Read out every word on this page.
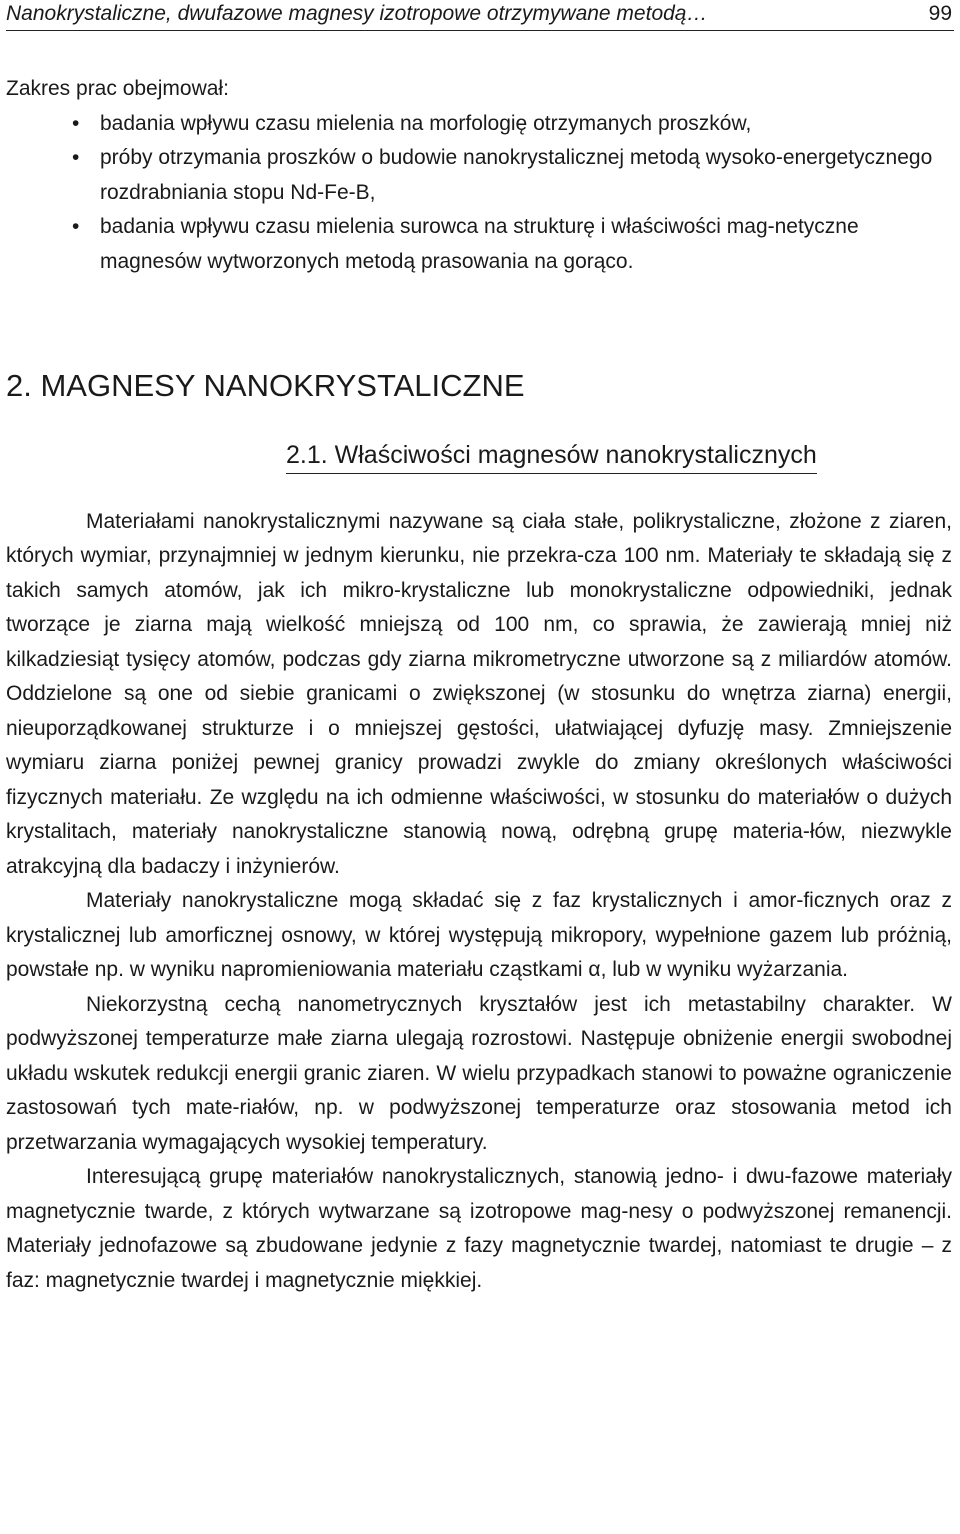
Nanokrystaliczne, dwufazowe magnesy izotropowe otrzymywane metodą…	99

Zakres prac obejmował:

• badania wpływu czasu mielenia na morfologię otrzymanych proszków,
• próby otrzymania proszków o budowie nanokrystalicznej metodą wysoko-energetycznego rozdrabniania stopu Nd-Fe-B,
• badania wpływu czasu mielenia surowca na strukturę i właściwości mag-netyczne magnesów wytworzonych metodą prasowania na gorąco.
2. MAGNESY NANOKRYSTALICZNE
2.1. Właściwości magnesów nanokrystalicznych

Materiałami nanokrystalicznymi nazywane są ciała stałe, polikrystaliczne, złożone z ziaren, których wymiar, przynajmniej w jednym kierunku, nie przekra-cza 100 nm. Materiały te składają się z takich samych atomów, jak ich mikro-krystaliczne lub monokrystaliczne odpowiedniki, jednak tworzące je ziarna mają wielkość mniejszą od 100 nm, co sprawia, że zawierają mniej niż kilkadziesiąt tysięcy atomów, podczas gdy ziarna mikrometryczne utworzone są z miliardów atomów. Oddzielone są one od siebie granicami o zwiększonej (w stosunku do wnętrza ziarna) energii, nieuporządkowanej strukturze i o mniejszej gęstości, ułatwiającej dyfuzję masy. Zmniejszenie wymiaru ziarna poniżej pewnej granicy prowadzi zwykle do zmiany określonych właściwości fizycznych materiału. Ze względu na ich odmienne właściwości, w stosunku do materiałów o dużych krystalitach, materiały nanokrystaliczne stanowią nową, odrębną grupę materia-łów, niezwykle atrakcyjną dla badaczy i inżynierów.

Materiały nanokrystaliczne mogą składać się z faz krystalicznych i amor-ficznych oraz z krystalicznej lub amorficznej osnowy, w której występują mikropory, wypełnione gazem lub próżnią, powstałe np. w wyniku napromieniowania materiału cząstkami α, lub w wyniku wyżarzania.

Niekorzystną cechą nanometrycznych kryształów jest ich metastabilny charakter. W podwyższonej temperaturze małe ziarna ulegają rozrostowi. Następuje obniżenie energii swobodnej układu wskutek redukcji energii granic ziaren. W wielu przypadkach stanowi to poważne ograniczenie zastosowań tych mate-riałów, np. w podwyższonej temperaturze oraz stosowania metod ich przetwarzania wymagających wysokiej temperatury.

Interesującą grupę materiałów nanokrystalicznych, stanowią jedno- i dwu-fazowe materiały magnetycznie twarde, z których wytwarzane są izotropowe mag-nesy o podwyższonej remanencji. Materiały jednofazowe są zbudowane jedynie z fazy magnetycznie twardej, natomiast te drugie – z faz: magnetycznie twardej i magnetycznie miękkiej.
